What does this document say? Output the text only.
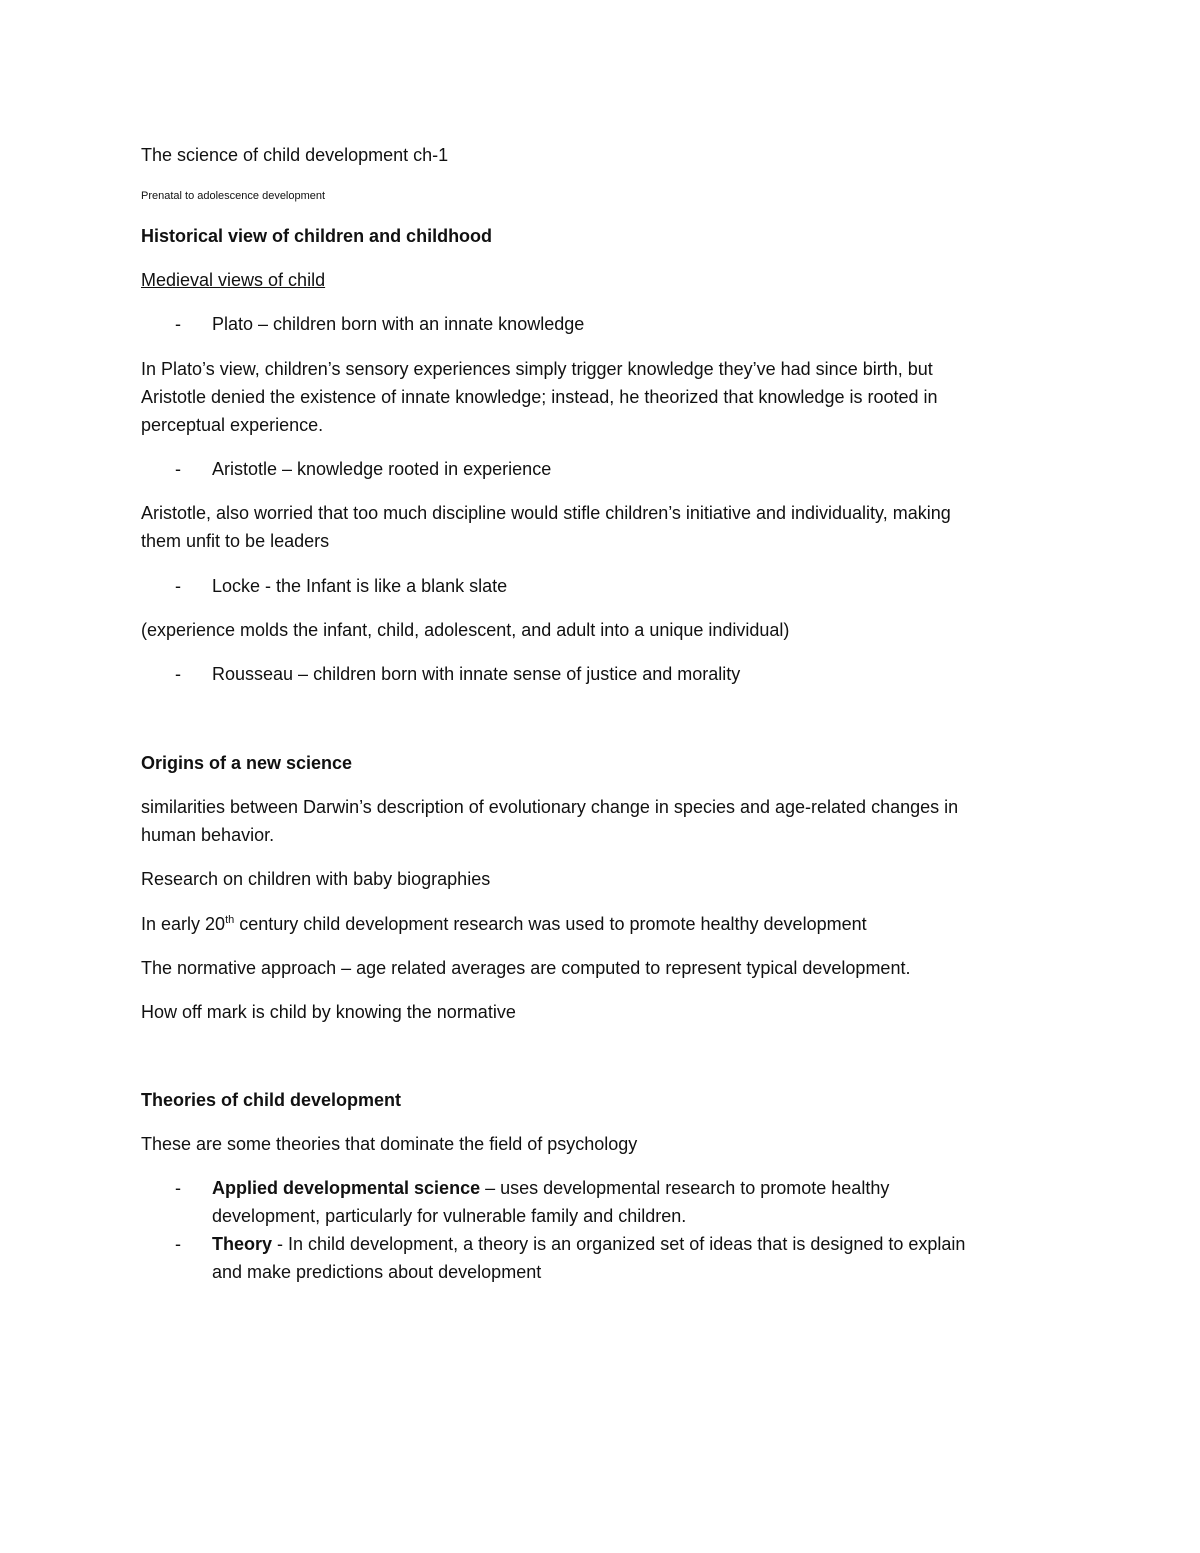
The science of child development ch-1

Prenatal to adolescence development

Historical view of children and childhood

Medieval views of child

- Plato – children born with an innate knowledge

In Plato’s view, children’s sensory experiences simply trigger knowledge they’ve had since birth, but

Aristotle denied the existence of innate knowledge; instead, he theorized that knowledge is rooted in

perceptual experience.

- Aristotle – knowledge rooted in experience

Aristotle, also worried that too much discipline would stifle children’s initiative and individuality, making

them unfit to be leaders

- Locke - the Infant is like a blank slate

(experience molds the infant, child, adolescent, and adult into a unique individual)

- Rousseau – children born with innate sense of justice and morality

Origins of a new science

similarities between Darwin’s description of evolutionary change in species and age-related changes in

human behavior.

Research on children with baby biographies

In early 20th century child development research was used to promote healthy development

The normative approach – age related averages are computed to represent typical development.

How off mark is child by knowing the normative

Theories of child development

These are some theories that dominate the field of psychology

- Applied developmental science – uses developmental research to promote healthy

development, particularly for vulnerable family and children.

- Theory - In child development, a theory is an organized set of ideas that is designed to explain

and make predictions about development
